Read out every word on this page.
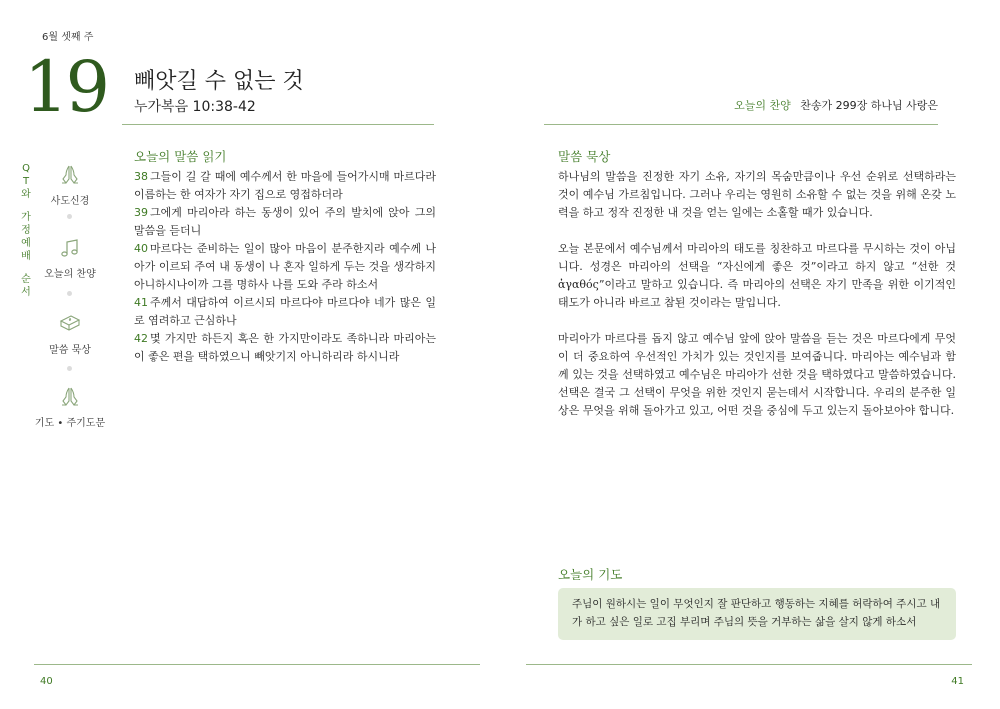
6월 셋째 주
19 빼앗길 수 없는 것
누가복음 10:38-42
Q
T
와
가
정
예
배
순
서
사도신경
오늘의 찬양
말씀 묵상
기도 • 주기도문
오늘의 말씀 읽기

38 그들이 길 갈 때에 예수께서 한 마을에 들어가시매 마르다라 이름하는 한 여자가 자기 집으로 영접하더라

39 그에게 마리아라 하는 동생이 있어 주의 발치에 앉아 그의 말씀을 듣더니

40 마르다는 준비하는 일이 많아 마음이 분주한지라 예수께 나아가 이르되 주여 내 동생이 나 혼자 일하게 두는 것을 생각하지 아니하시나이까 그를 명하사 나를 도와 주라 하소서

41 주께서 대답하여 이르시되 마르다야 마르다야 네가 많은 일로 염려하고 근심하나

42 몇 가지만 하든지 혹은 한 가지만이라도 족하니라 마리아는 이 좋은 편을 택하였으니 빼앗기지 아니하리라 하시니라

40
오늘의 찬양 찬송가 299장 하나님 사랑은
말씀 묵상

하나님의 말씀을 진정한 자기 소유, 자기의 목숨만큼이나 우선 순위로 선택하라는 것이 예수님 가르침입니다. 그러나 우리는 영원히 소유할 수 없는 것을 위해 온갖 노력을 하고 정작 진정한 내 것을 얻는 일에는 소홀할 때가 있습니다.

오늘 본문에서 예수님께서 마리아의 태도를 칭찬하고 마르다를 무시하는 것이 아닙니다. 성경은 마리아의 선택을 “자신에게 좋은 것”이라고 하지 않고 “선한 것 ἀγαθός”이라고 말하고 있습니다. 즉 마리아의 선택은 자기 만족을 위한 이기적인 태도가 아니라 바르고 참된 것이라는 말입니다.

마리아가 마르다를 돕지 않고 예수님 앞에 앉아 말씀을 듣는 것은 마르다에게 무엇이 더 중요하여 우선적인 가치가 있는 것인지를 보여줍니다. 마리아는 예수님과 함께 있는 것을 선택하였고 예수님은 마리아가 선한 것을 택하였다고 말씀하였습니다. 선택은 결국 그 선택이 무엇을 위한 것인지 묻는데서 시작합니다. 우리의 분주한 일상은 무엇을 위해 돌아가고 있고, 어떤 것을 중심에 두고 있는지 돌아보아야 합니다.

오늘의 기도
주님이 원하시는 일이 무엇인지 잘 판단하고 행동하는 지혜를 허락하여 주시고 내가 하고 싶은 일로 고집 부리며 주님의 뜻을 거부하는 삶을 살지 않게 하소서
41
